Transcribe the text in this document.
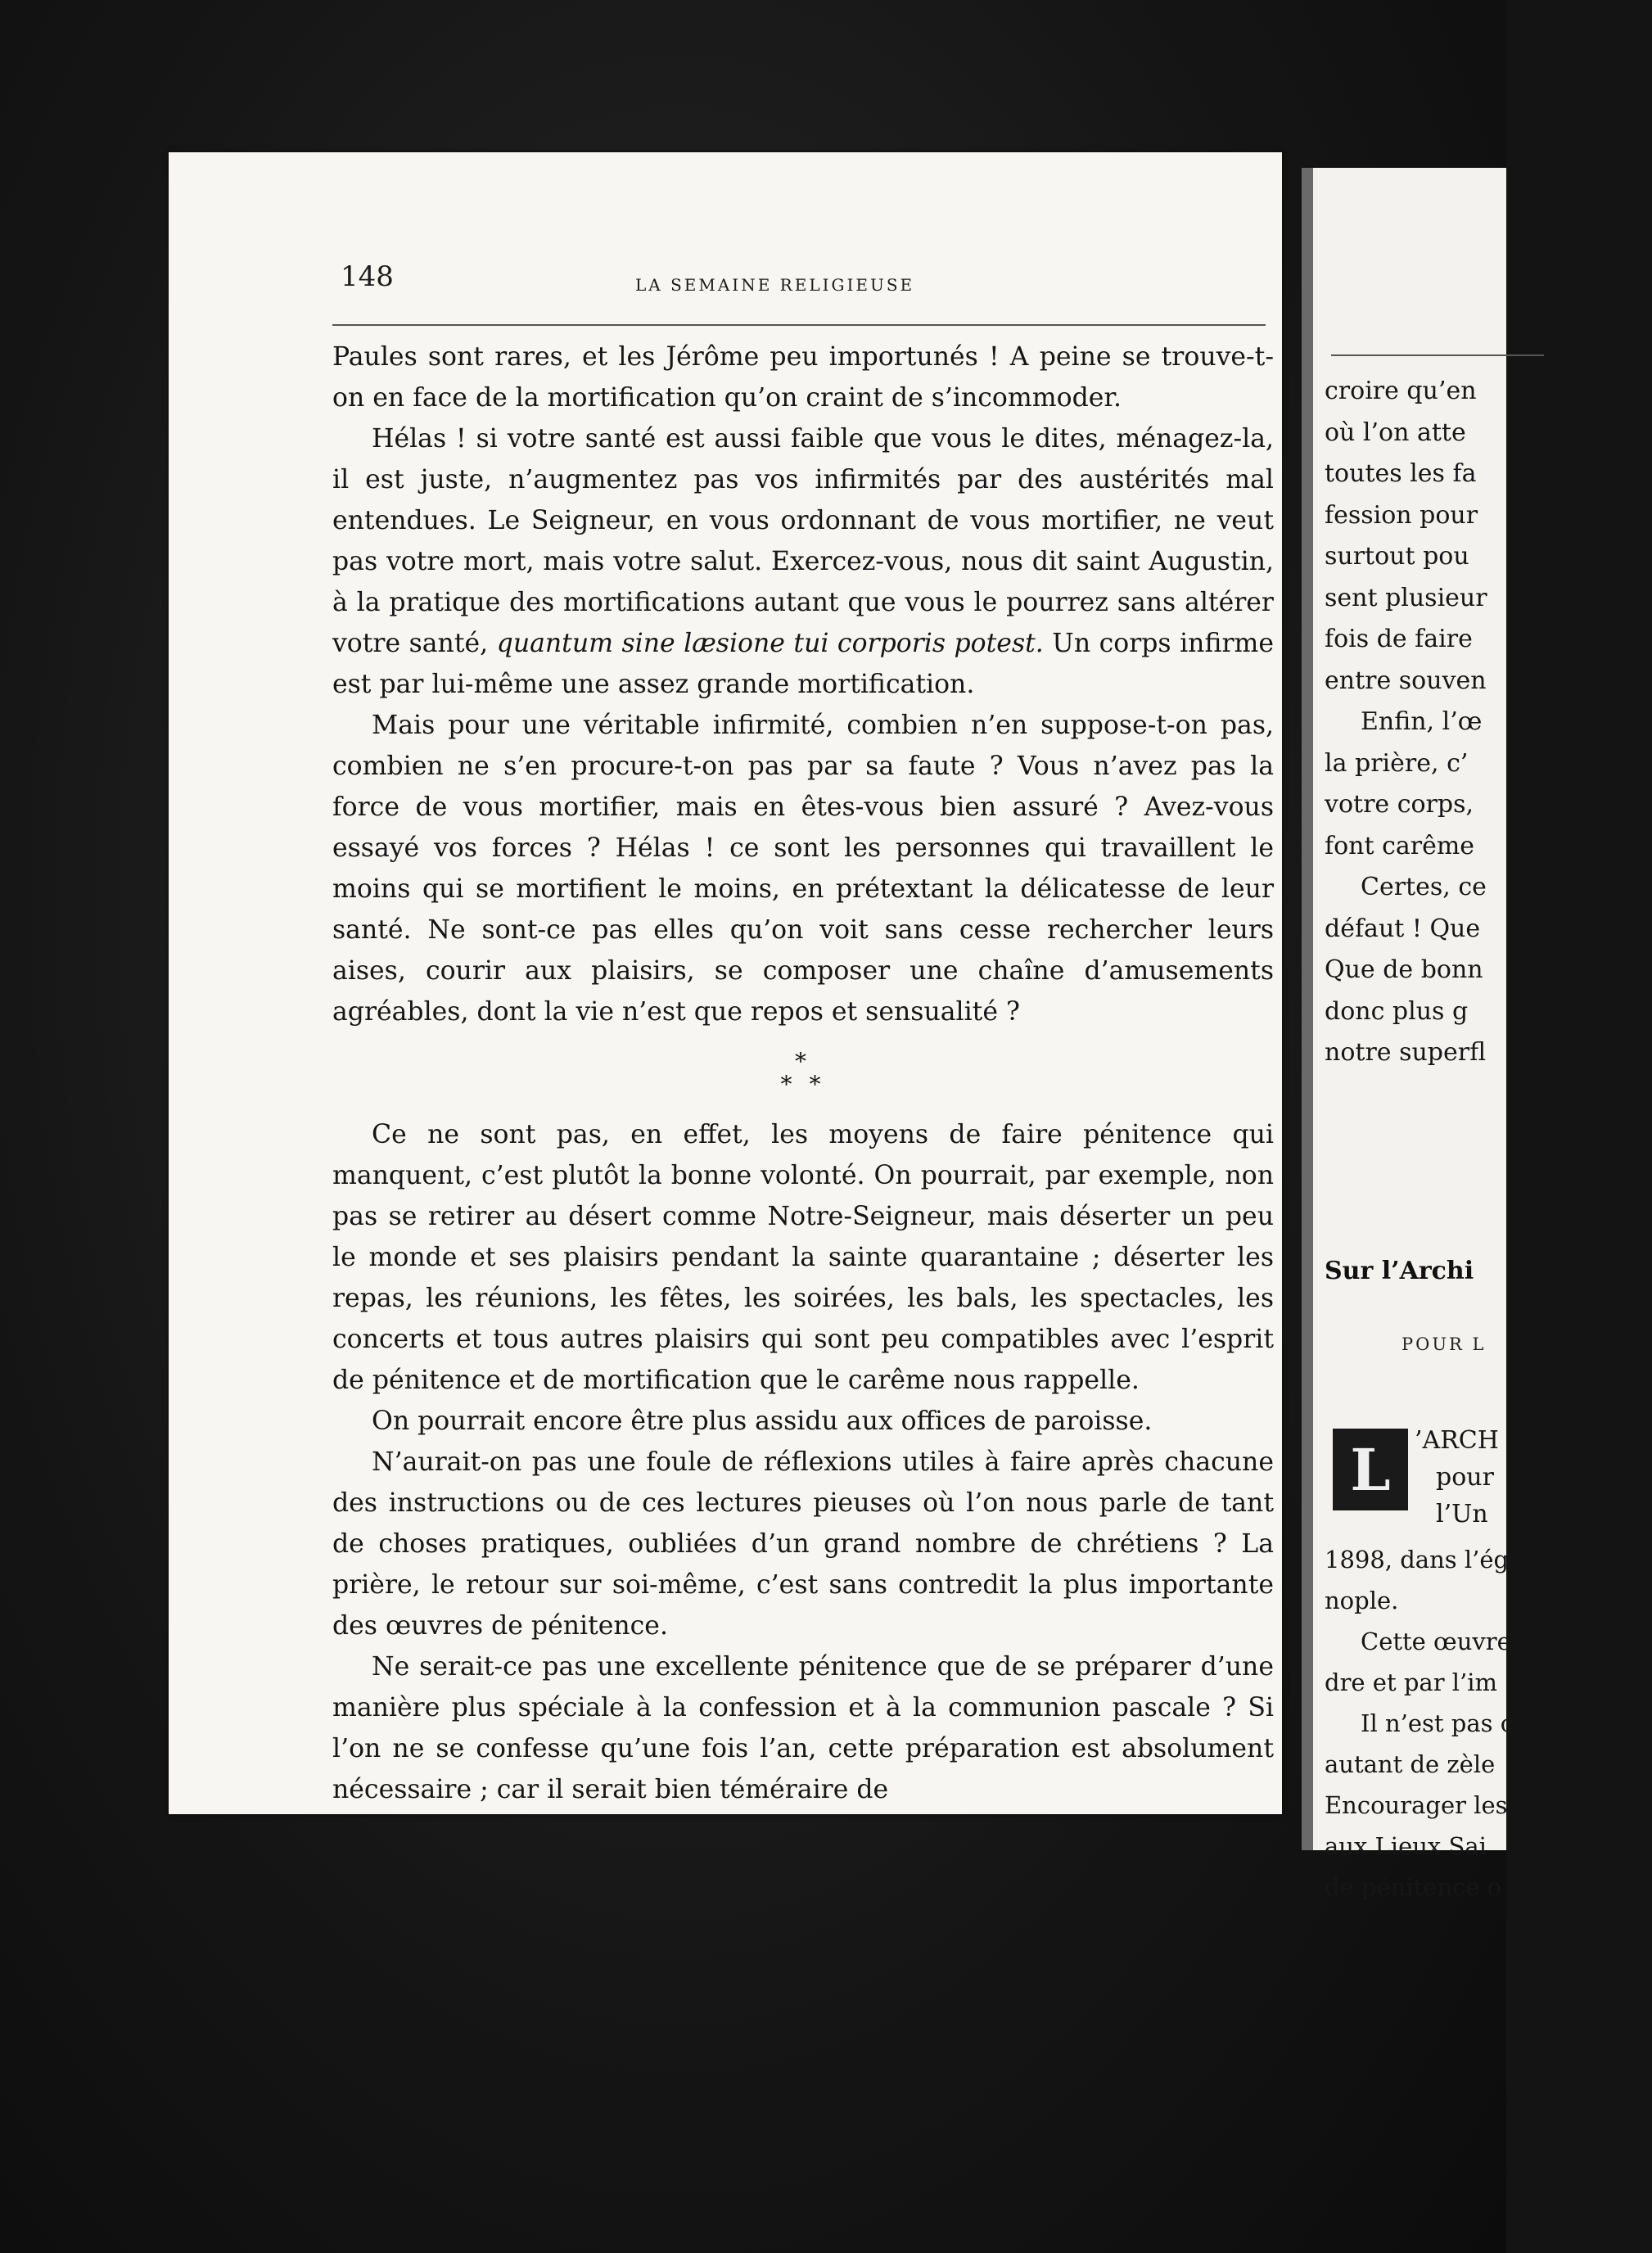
148	LA SEMAINE RELIGIEUSE

Paules sont rares, et les Jérôme peu importunés ! A peine se trouve-t-on en face de la mortification qu’on craint de s’incommoder.

Hélas ! si votre santé est aussi faible que vous le dites, ménagez-la, il est juste, n’augmentez pas vos infirmités par des austérités mal entendues. Le Seigneur, en vous ordonnant de vous mortifier, ne veut pas votre mort, mais votre salut. Exercez-vous, nous dit saint Augustin, à la pratique des mortifications autant que vous le pourrez sans altérer votre santé, quantum sine læsione tui corporis potest. Un corps infirme est par lui-même une assez grande mortification.

Mais pour une véritable infirmité, combien n’en suppose-t-on pas, combien ne s’en procure-t-on pas par sa faute ? Vous n’avez pas la force de vous mortifier, mais en êtes-vous bien assuré ? Avez-vous essayé vos forces ? Hélas ! ce sont les personnes qui travaillent le moins qui se mortifient le moins, en prétextant la délicatesse de leur santé. Ne sont-ce pas elles qu’on voit sans cesse rechercher leurs aises, courir aux plaisirs, se composer une chaîne d’amusements agréables, dont la vie n’est que repos et sensualité ?

*
* *

Ce ne sont pas, en effet, les moyens de faire pénitence qui manquent, c’est plutôt la bonne volonté. On pourrait, par exemple, non pas se retirer au désert comme Notre-Seigneur, mais déserter un peu le monde et ses plaisirs pendant la sainte quarantaine ; déserter les repas, les réunions, les fêtes, les soirées, les bals, les spectacles, les concerts et tous autres plaisirs qui sont peu compatibles avec l’esprit de pénitence et de mortification que le carême nous rappelle.

On pourrait encore être plus assidu aux offices de paroisse.

N’aurait-on pas une foule de réflexions utiles à faire après chacune des instructions ou de ces lectures pieuses où l’on nous parle de tant de choses pratiques, oubliées d’un grand nombre de chrétiens ? La prière, le retour sur soi-même, c’est sans contredit la plus importante des œuvres de pénitence.

Ne serait-ce pas une excellente pénitence que de se préparer d’une manière plus spéciale à la confession et à la communion pascale ? Si l’on ne se confesse qu’une fois l’an, cette préparation est absolument nécessaire ; car il serait bien téméraire de

croire qu’en
où l’on atte
toutes les fa
fession pour
surtout pou
sent plusieur
fois de faire
entre souven
Enfin, l’œ
la prière, c’
votre corps,
font carême
Certes, ce
défaut ! Que
Que de bonn
donc plus g
notre superfl
Sur l’Archi
POUR L
L ’ARCH
pour
l’Un
1898, dans l’ég
nople.
Cette œuvre
dre et par l’im
Il n’est pas c
autant de zèle
Encourager les
aux Lieux Sai
de pénitence o
